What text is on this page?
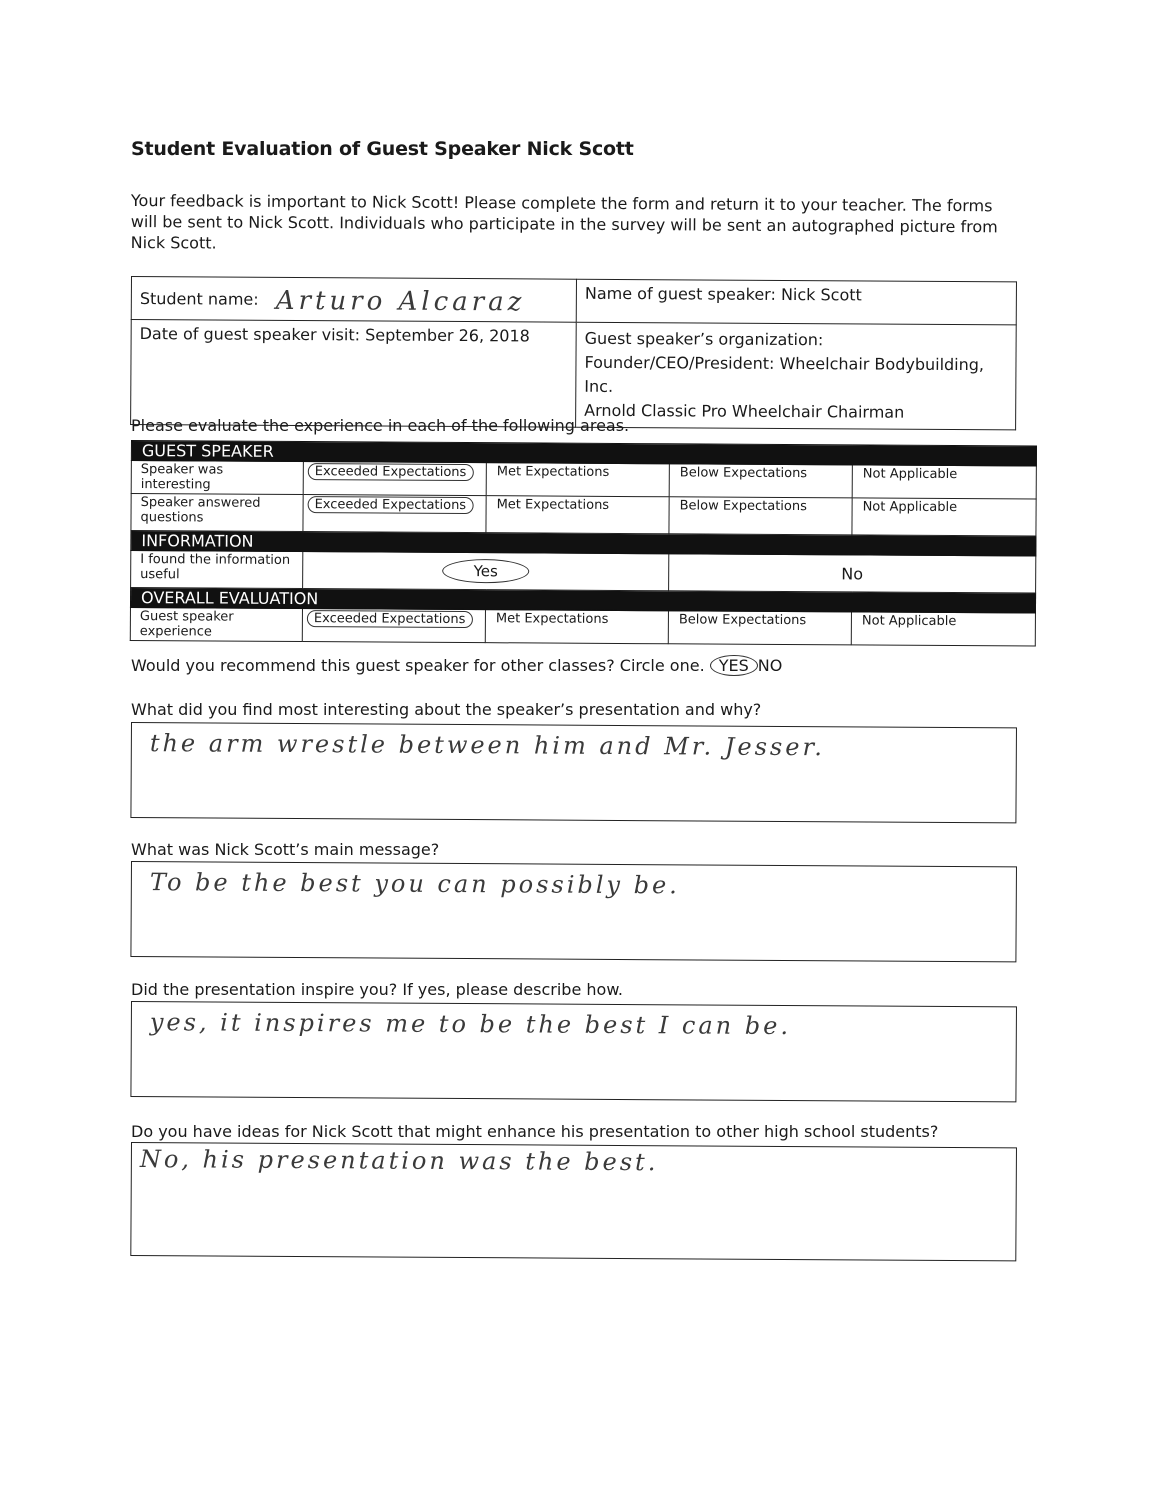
Student Evaluation of Guest Speaker Nick Scott
Your feedback is important to Nick Scott! Please complete the form and return it to your teacher. The forms will be sent to Nick Scott. Individuals who participate in the survey will be sent an autographed picture from Nick Scott.
Student name: Arturo Alcaraz	Name of guest speaker: Nick Scott
Date of guest speaker visit: September 26, 2018	Guest speaker’s organization:
Founder/CEO/President: Wheelchair Bodybuilding, Inc.
Arnold Classic Pro Wheelchair Chairman
Please evaluate the experience in each of the following areas.
GUEST SPEAKER				
Speaker was interesting	Exceeded Expectations	Met Expectations	Below Expectations	Not Applicable
Speaker answered questions	Exceeded Expectations	Met Expectations	Below Expectations	Not Applicable
INFORMATION				
I found the information useful	Yes		No	
OVERALL EVALUATION				
Guest speaker experience	Exceeded Expectations	Met Expectations	Below Expectations	Not Applicable
Would you recommend this guest speaker for other classes? Circle one. YES NO
What did you find most interesting about the speaker’s presentation and why?
the arm wrestle between him and Mr. Jesser.
What was Nick Scott’s main message?
To be the best you can possibly be.
Did the presentation inspire you? If yes, please describe how.
yes, it inspires me to be the best I can be.
Do you have ideas for Nick Scott that might enhance his presentation to other high school students?
No, his presentation was the best.
